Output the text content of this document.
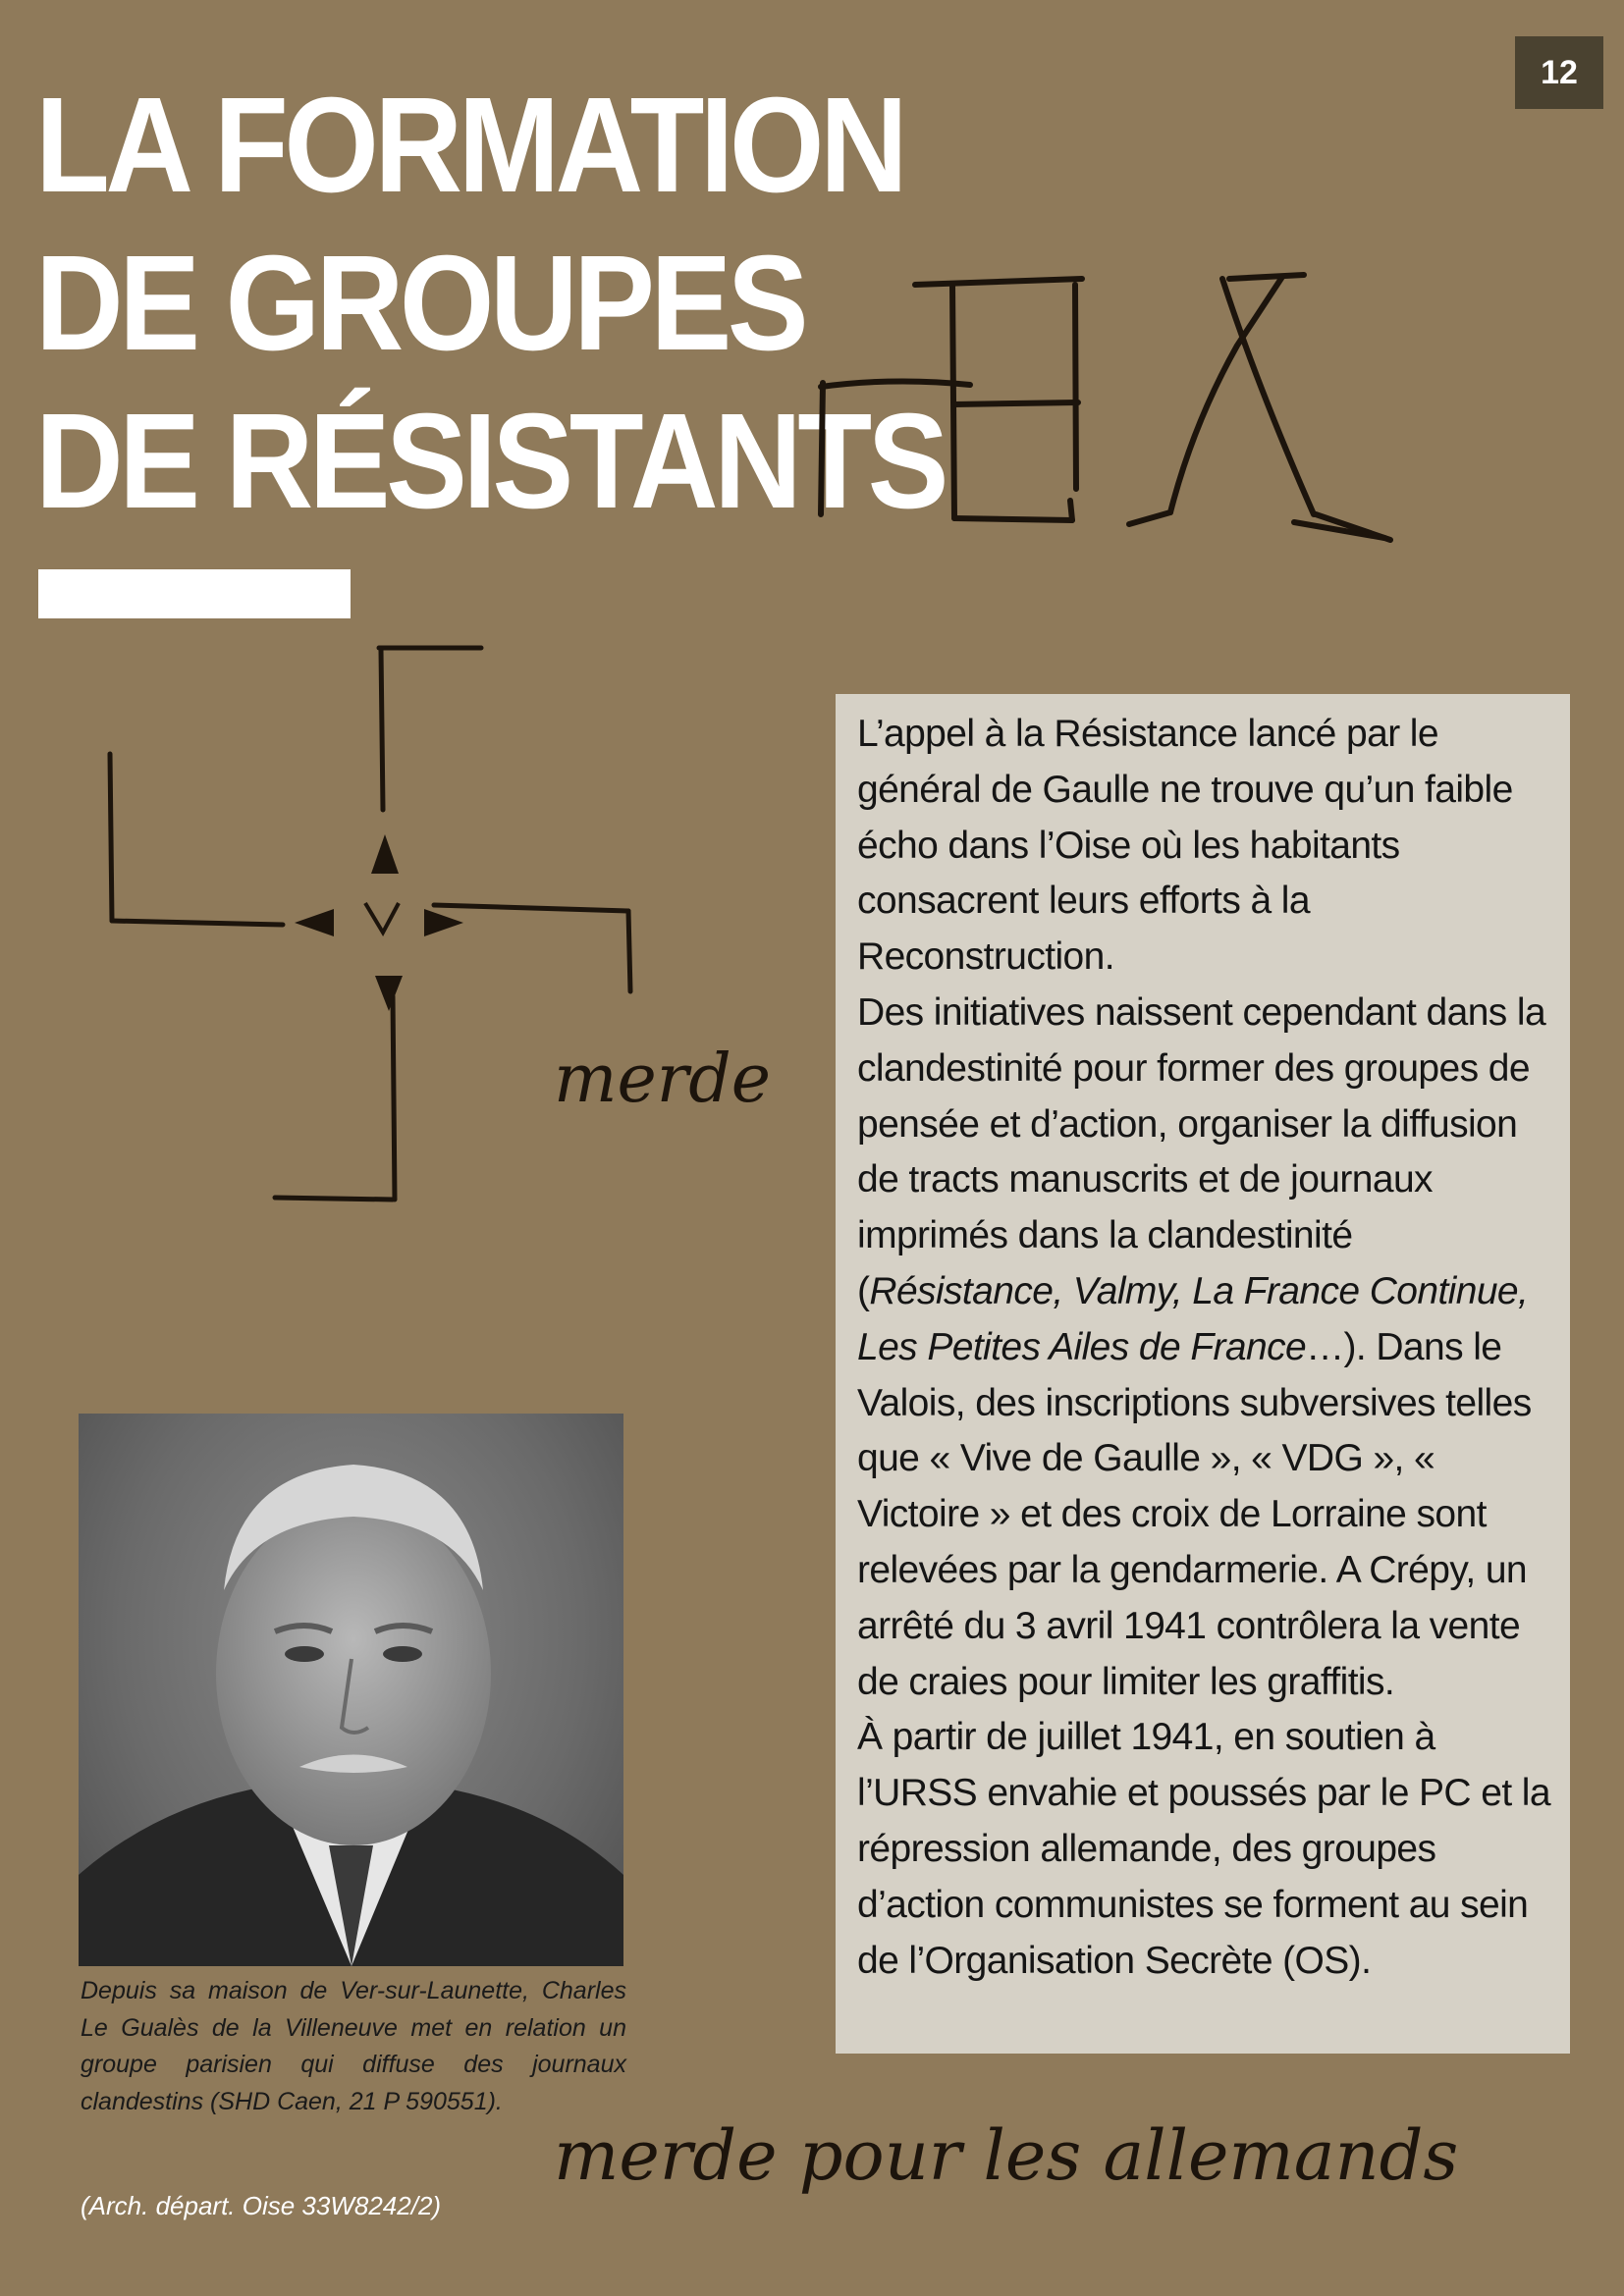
12
LA FORMATION
DE GROUPES
DE RÉSISTANTS
merde

L’appel à la Résistance lancé par le général de Gaulle ne trouve qu’un faible écho dans l’Oise où les habitants consacrent leurs efforts à la Reconstruction.

Des initiatives naissent cependant dans la clandestinité pour former des groupes de pensée et d’action, organiser la diffusion de tracts manuscrits et de journaux imprimés dans la clandestinité (Résistance, Valmy, La France Continue, Les Petites Ailes de France…). Dans le Valois, des inscriptions subversives telles que « Vive de Gaulle », « VDG », « Victoire » et des croix de Lorraine sont relevées par la gendarmerie. A Crépy, un arrêté du 3 avril 1941 contrôlera la vente de craies pour limiter les graffitis.

À partir de juillet 1941, en soutien à l’URSS envahie et poussés par le PC et la répression allemande, des groupes d’action communistes se forment au sein de l’Organisation Secrète (OS).

Depuis sa maison de Ver-sur-Launette, Charles Le Gualès de la Villeneuve met en relation un groupe parisien qui diffuse des journaux clandestins (SHD Caen, 21 P 590551).

(Arch. départ. Oise 33W8242/2)

merde pour les allemands
